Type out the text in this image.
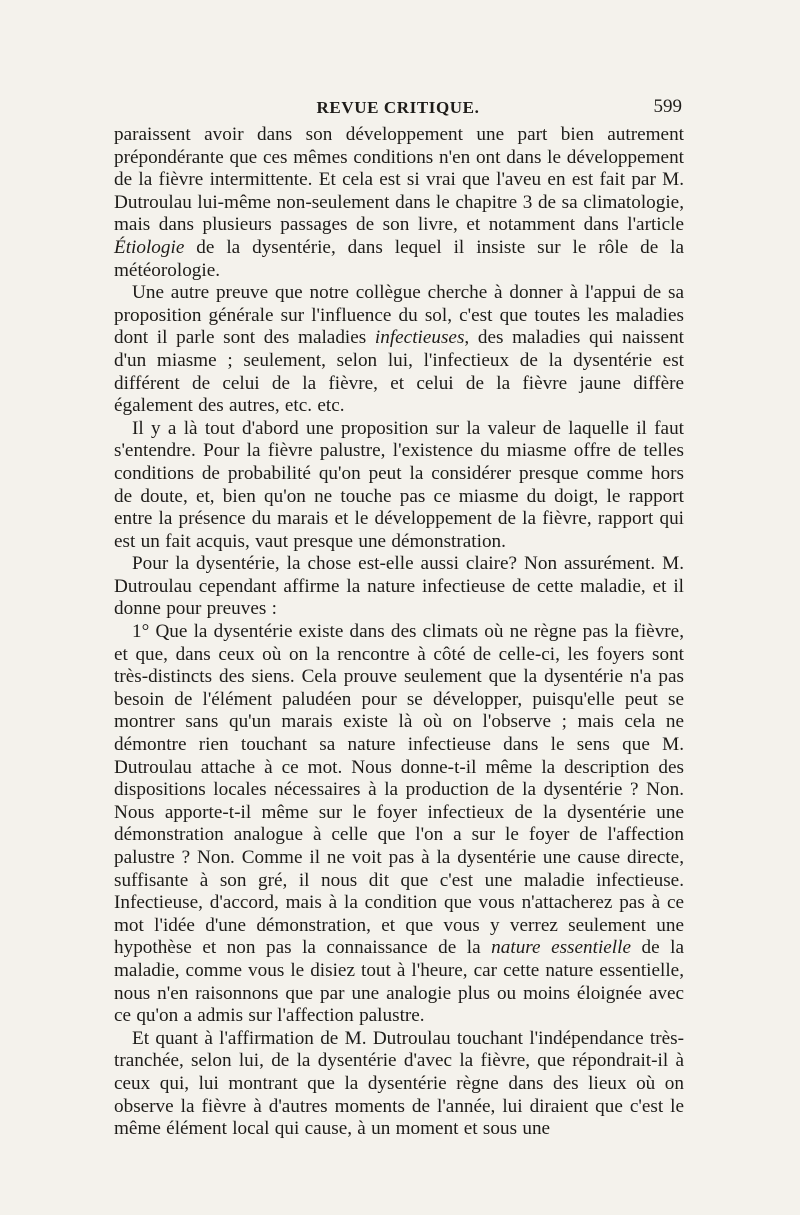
REVUE CRITIQUE.	599

paraissent avoir dans son développement une part bien autrement prépondérante que ces mêmes conditions n'en ont dans le développement de la fièvre intermittente. Et cela est si vrai que l'aveu en est fait par M. Dutroulau lui-même non-seulement dans le chapitre 3 de sa climatologie, mais dans plusieurs passages de son livre, et notamment dans l'article Étiologie de la dysentérie, dans lequel il insiste sur le rôle de la météorologie.

Une autre preuve que notre collègue cherche à donner à l'appui de sa proposition générale sur l'influence du sol, c'est que toutes les maladies dont il parle sont des maladies infectieuses, des maladies qui naissent d'un miasme ; seulement, selon lui, l'infectieux de la dysentérie est différent de celui de la fièvre, et celui de la fièvre jaune diffère également des autres, etc. etc.

Il y a là tout d'abord une proposition sur la valeur de laquelle il faut s'entendre. Pour la fièvre palustre, l'existence du miasme offre de telles conditions de probabilité qu'on peut la considérer presque comme hors de doute, et, bien qu'on ne touche pas ce miasme du doigt, le rapport entre la présence du marais et le développement de la fièvre, rapport qui est un fait acquis, vaut presque une démonstration.

Pour la dysentérie, la chose est-elle aussi claire? Non assurément. M. Dutroulau cependant affirme la nature infectieuse de cette maladie, et il donne pour preuves :

1° Que la dysentérie existe dans des climats où ne règne pas la fièvre, et que, dans ceux où on la rencontre à côté de celle-ci, les foyers sont très-distincts des siens. Cela prouve seulement que la dysentérie n'a pas besoin de l'élément paludéen pour se développer, puisqu'elle peut se montrer sans qu'un marais existe là où on l'observe ; mais cela ne démontre rien touchant sa nature infectieuse dans le sens que M. Dutroulau attache à ce mot. Nous donne-t-il même la description des dispositions locales nécessaires à la production de la dysentérie ? Non. Nous apporte-t-il même sur le foyer infectieux de la dysentérie une démonstration analogue à celle que l'on a sur le foyer de l'affection palustre ? Non. Comme il ne voit pas à la dysentérie une cause directe, suffisante à son gré, il nous dit que c'est une maladie infectieuse. Infectieuse, d'accord, mais à la condition que vous n'attacherez pas à ce mot l'idée d'une démonstration, et que vous y verrez seulement une hypothèse et non pas la connaissance de la nature essentielle de la maladie, comme vous le disiez tout à l'heure, car cette nature essentielle, nous n'en raisonnons que par une analogie plus ou moins éloignée avec ce qu'on a admis sur l'affection palustre.

Et quant à l'affirmation de M. Dutroulau touchant l'indépendance très-tranchée, selon lui, de la dysentérie d'avec la fièvre, que répondrait-il à ceux qui, lui montrant que la dysentérie règne dans des lieux où on observe la fièvre à d'autres moments de l'année, lui diraient que c'est le même élément local qui cause, à un moment et sous une
